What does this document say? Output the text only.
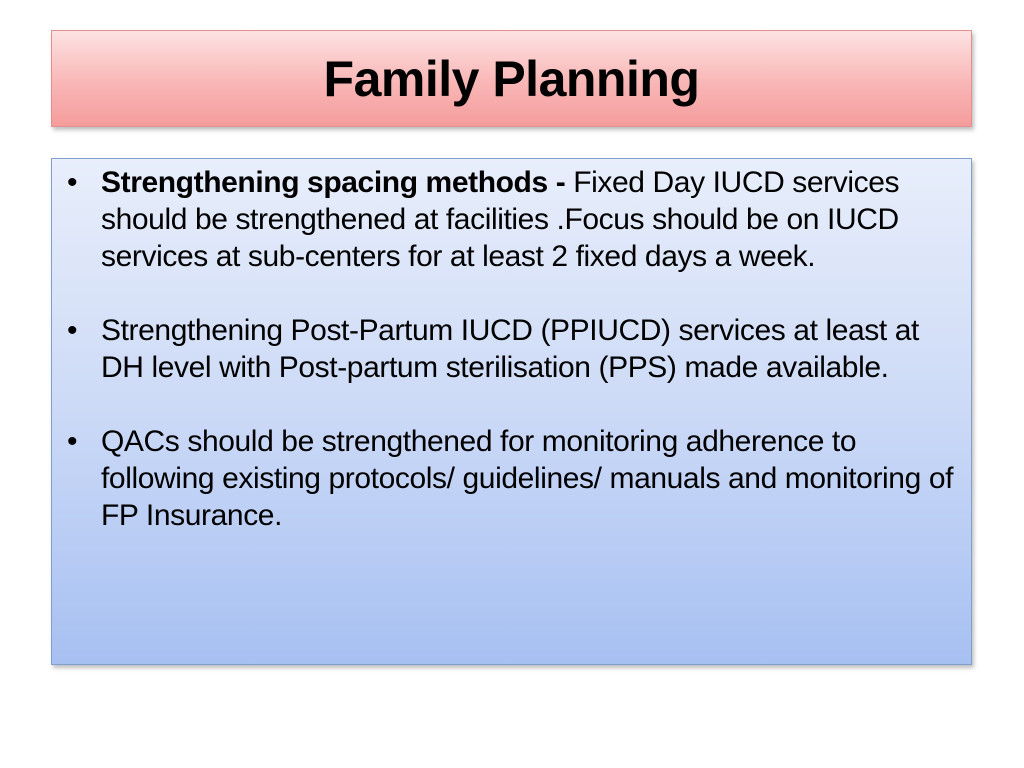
Family Planning
• Strengthening spacing methods - Fixed Day IUCD services should be strengthened at facilities .Focus should be on IUCD services at sub-centers for at least 2 fixed days a week.
• Strengthening Post-Partum IUCD (PPIUCD) services at least at DH level with Post-partum sterilisation (PPS) made available.
• QACs should be strengthened for monitoring adherence to following existing protocols/ guidelines/ manuals and monitoring of FP Insurance.
